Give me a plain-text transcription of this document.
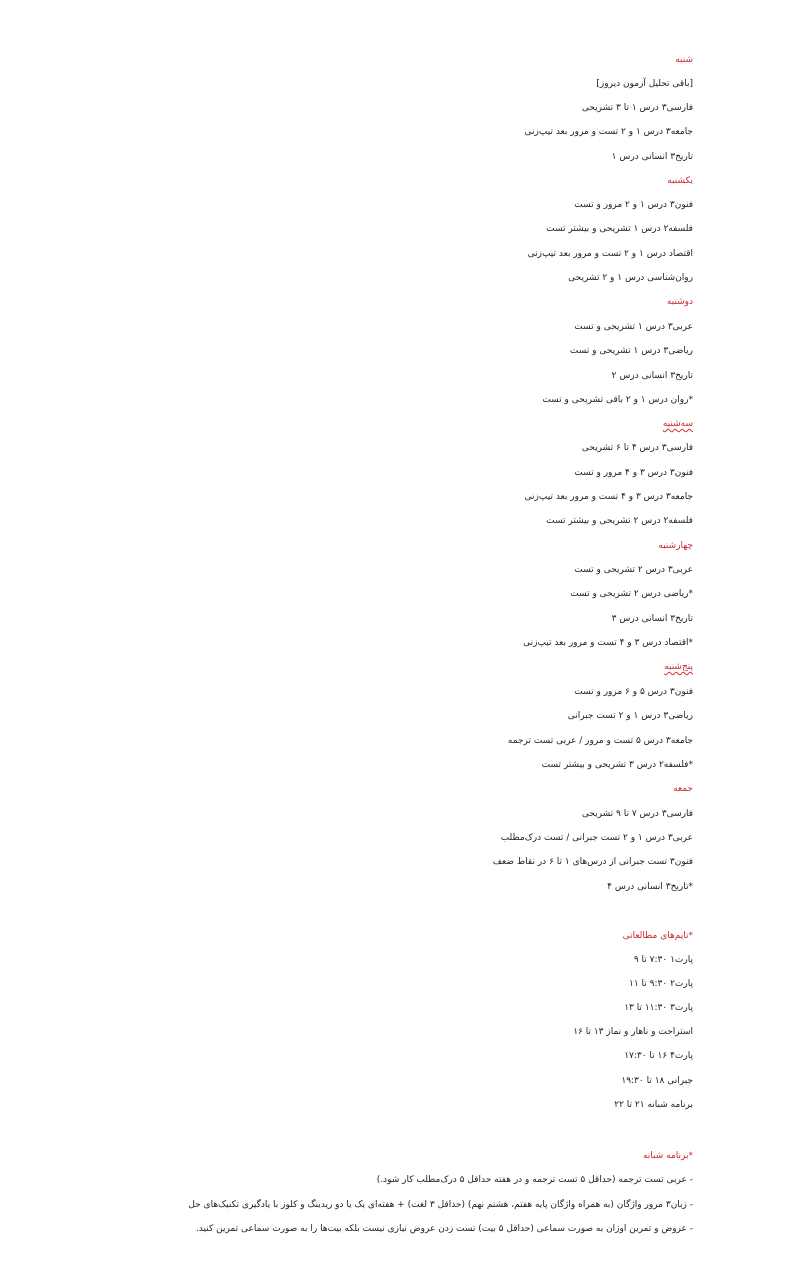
شنبه
[باقی تحلیل آزمون دیروز]
فارسی۳ درس ۱ تا ۳ تشریحی
جامعه۳ درس ۱ و ۲ تست و مرور بعد تیپ‌زنی
تاریخ۳ انسانی درس ۱
یکشنبه
فنون۳ درس ۱ و ۲ مرور و تست
فلسفه۲ درس ۱ تشریحی و بیشتر تست
اقتصاد درس ۱ و ۲ تست و مرور بعد تیپ‌زنی
روان‌شناسی درس ۱ و ۲ تشریحی
دوشنبه
عربی۳ درس ۱ تشریحی و تست
ریاضی۳ درس ۱ تشریحی و تست
تاریخ۳ انسانی درس ۲
*روان درس ۱ و ۲ باقی تشریحی و تست
سه‌شنبه
فارسی۳ درس ۴ تا ۶ تشریحی
فنون۳ درس ۳ و ۴ مرور و تست
جامعه۳ درس ۳ و ۴ تست و مرور بعد تیپ‌زنی
فلسفه۲ درس ۲ تشریحی و بیشتر تست
چهارشنبه
عربی۳ درس ۲ تشریحی و تست
*ریاضی درس ۲ تشریحی و تست
تاریخ۳ انسانی درس ۳
*اقتصاد درس ۳ و ۴ تست و مرور بعد تیپ‌زنی
پنج‌شنبه
فنون۳ درس ۵ و ۶ مرور و تست
ریاضی۳ درس ۱ و ۲ تست جبرانی
جامعه۳ درس ۵ تست و مرور / عربی تست ترجمه
*فلسفه۲ درس ۳ تشریحی و بیشتر تست
جمعه
فارسی۳ درس ۷ تا ۹ تشریحی
عربی۳ درس ۱ و ۲ تست جبرانی / تست درک‌مطلب
فنون۳ تست جبرانی از درس‌های ۱ تا ۶ در نقاط ضعف
*تاریخ۳ انسانی درس ۴
*تایم‌های مطالعاتی
پارت۱ ۷:۳۰ تا ۹
پارت۲ ۹:۳۰ تا ۱۱
پارت۳ ۱۱:۳۰ تا ۱۳
استراحت و ناهار و نماز ۱۳ تا ۱۶
پارت۴ ۱۶ تا ۱۷:۳۰
جبرانی ۱۸ تا ۱۹:۳۰
برنامه شبانه ۲۱ تا ۲۲
*برنامه شبانه
- عربی تست ترجمه (حداقل ۵ تست ترجمه و در هفته حداقل ۵ درک‌مطلب کار شود.)
- زبان۳ مرور واژگان (به همراه واژگان پایه هفتم، هشتم نهم) (حداقل ۳ لغت) + هفته‌ای یک یا دو ریدینگ و کلوز با یادگیری تکنیک‌های حل
- عروض و تمرین اوزان به صورت سماعی (حداقل ۵ بیت) تست زدن عروض نیازی نیست بلکه بیت‌ها را به صورت سماعی تمرین کنید.
